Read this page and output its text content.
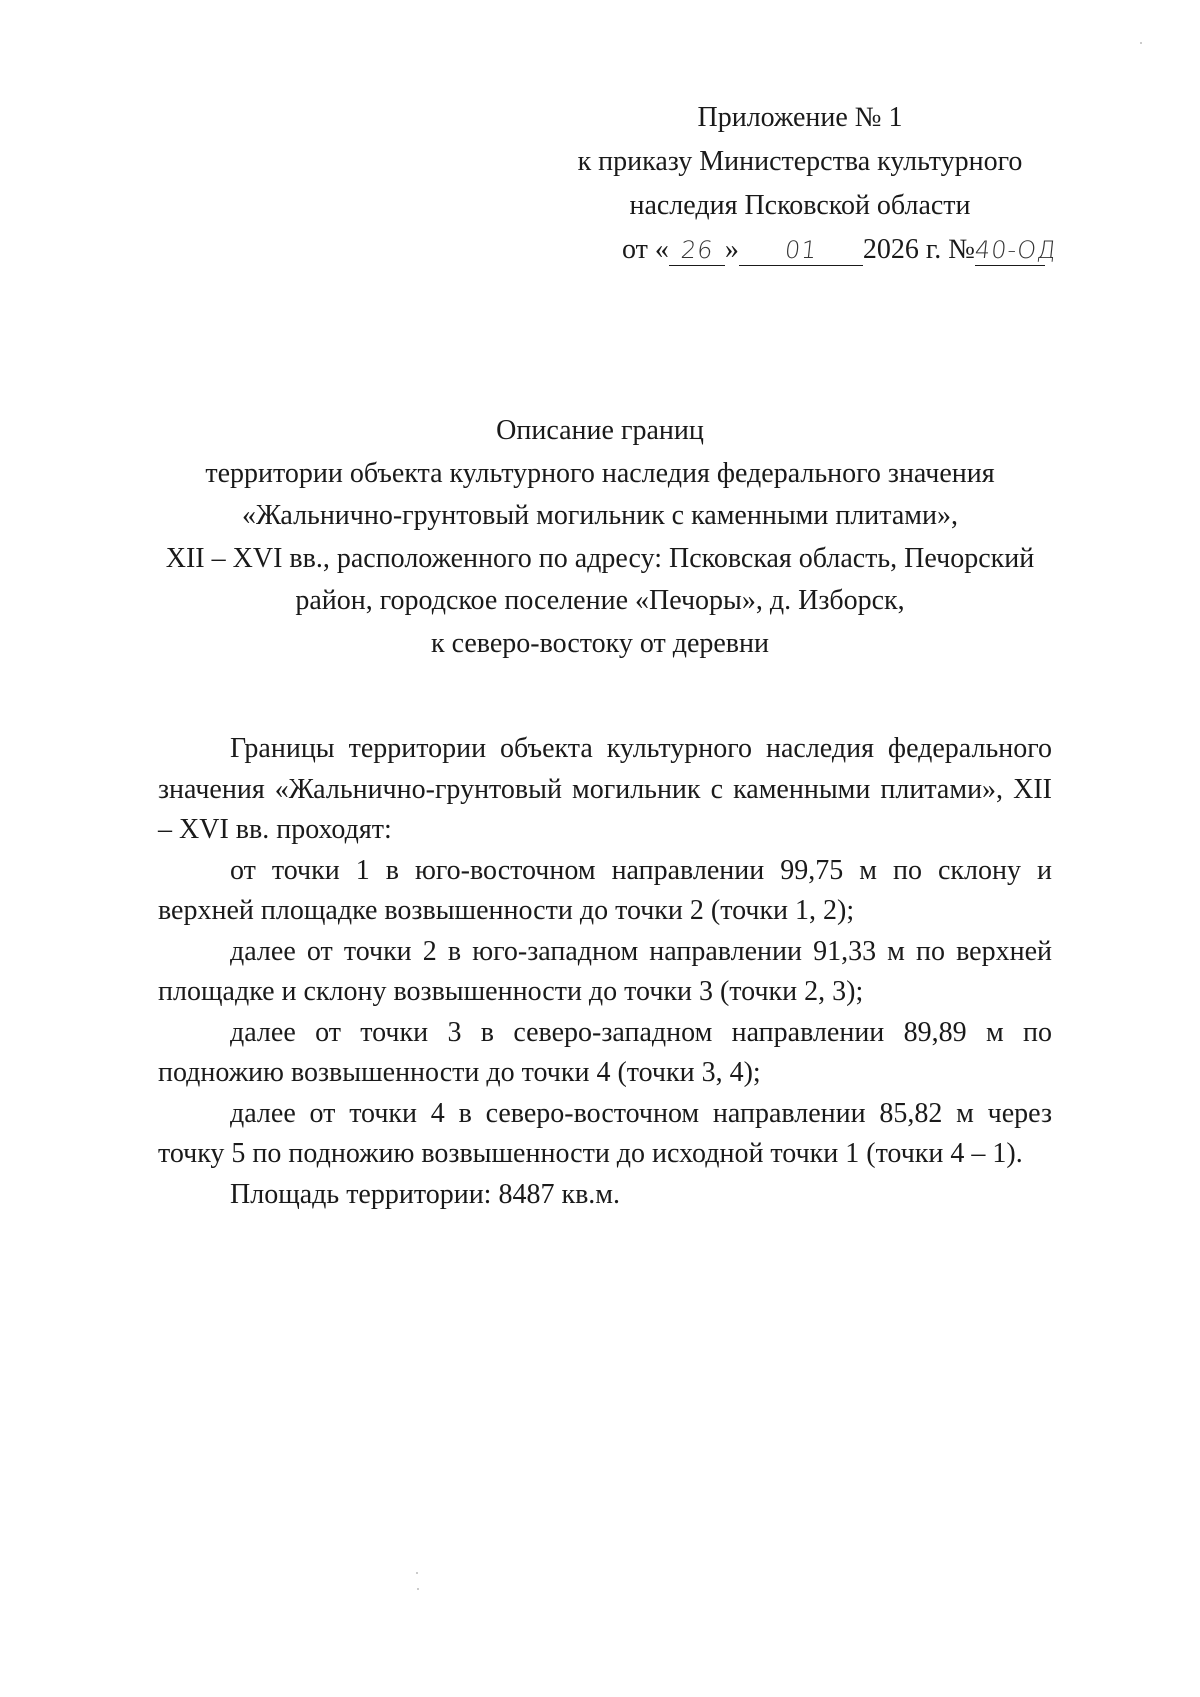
Приложение № 1
к приказу Министерства культурного
наследия Псковской области
от « 26 » 01 2026 г. №40-ОД
Описание границ
территории объекта культурного наследия федерального значения
«Жальнично-грунтовый могильник с каменными плитами»,
XII – XVI вв., расположенного по адресу: Псковская область, Печорский
район, городское поселение «Печоры», д. Изборск,
к северо-востоку от деревни

Границы территории объекта культурного наследия федерального значения «Жальнично-грунтовый могильник с каменными плитами», XII – XVI вв. проходят:

от точки 1 в юго-восточном направлении 99,75 м по склону и верхней площадке возвышенности до точки 2 (точки 1, 2);

далее от точки 2 в юго-западном направлении 91,33 м по верхней площадке и склону возвышенности до точки 3 (точки 2, 3);

далее от точки 3 в северо-западном направлении 89,89 м по подножию возвышенности до точки 4 (точки 3, 4);

далее от точки 4 в северо-восточном направлении 85,82 м через точку 5 по подножию возвышенности до исходной точки 1 (точки 4 – 1).

Площадь территории: 8487 кв.м.
